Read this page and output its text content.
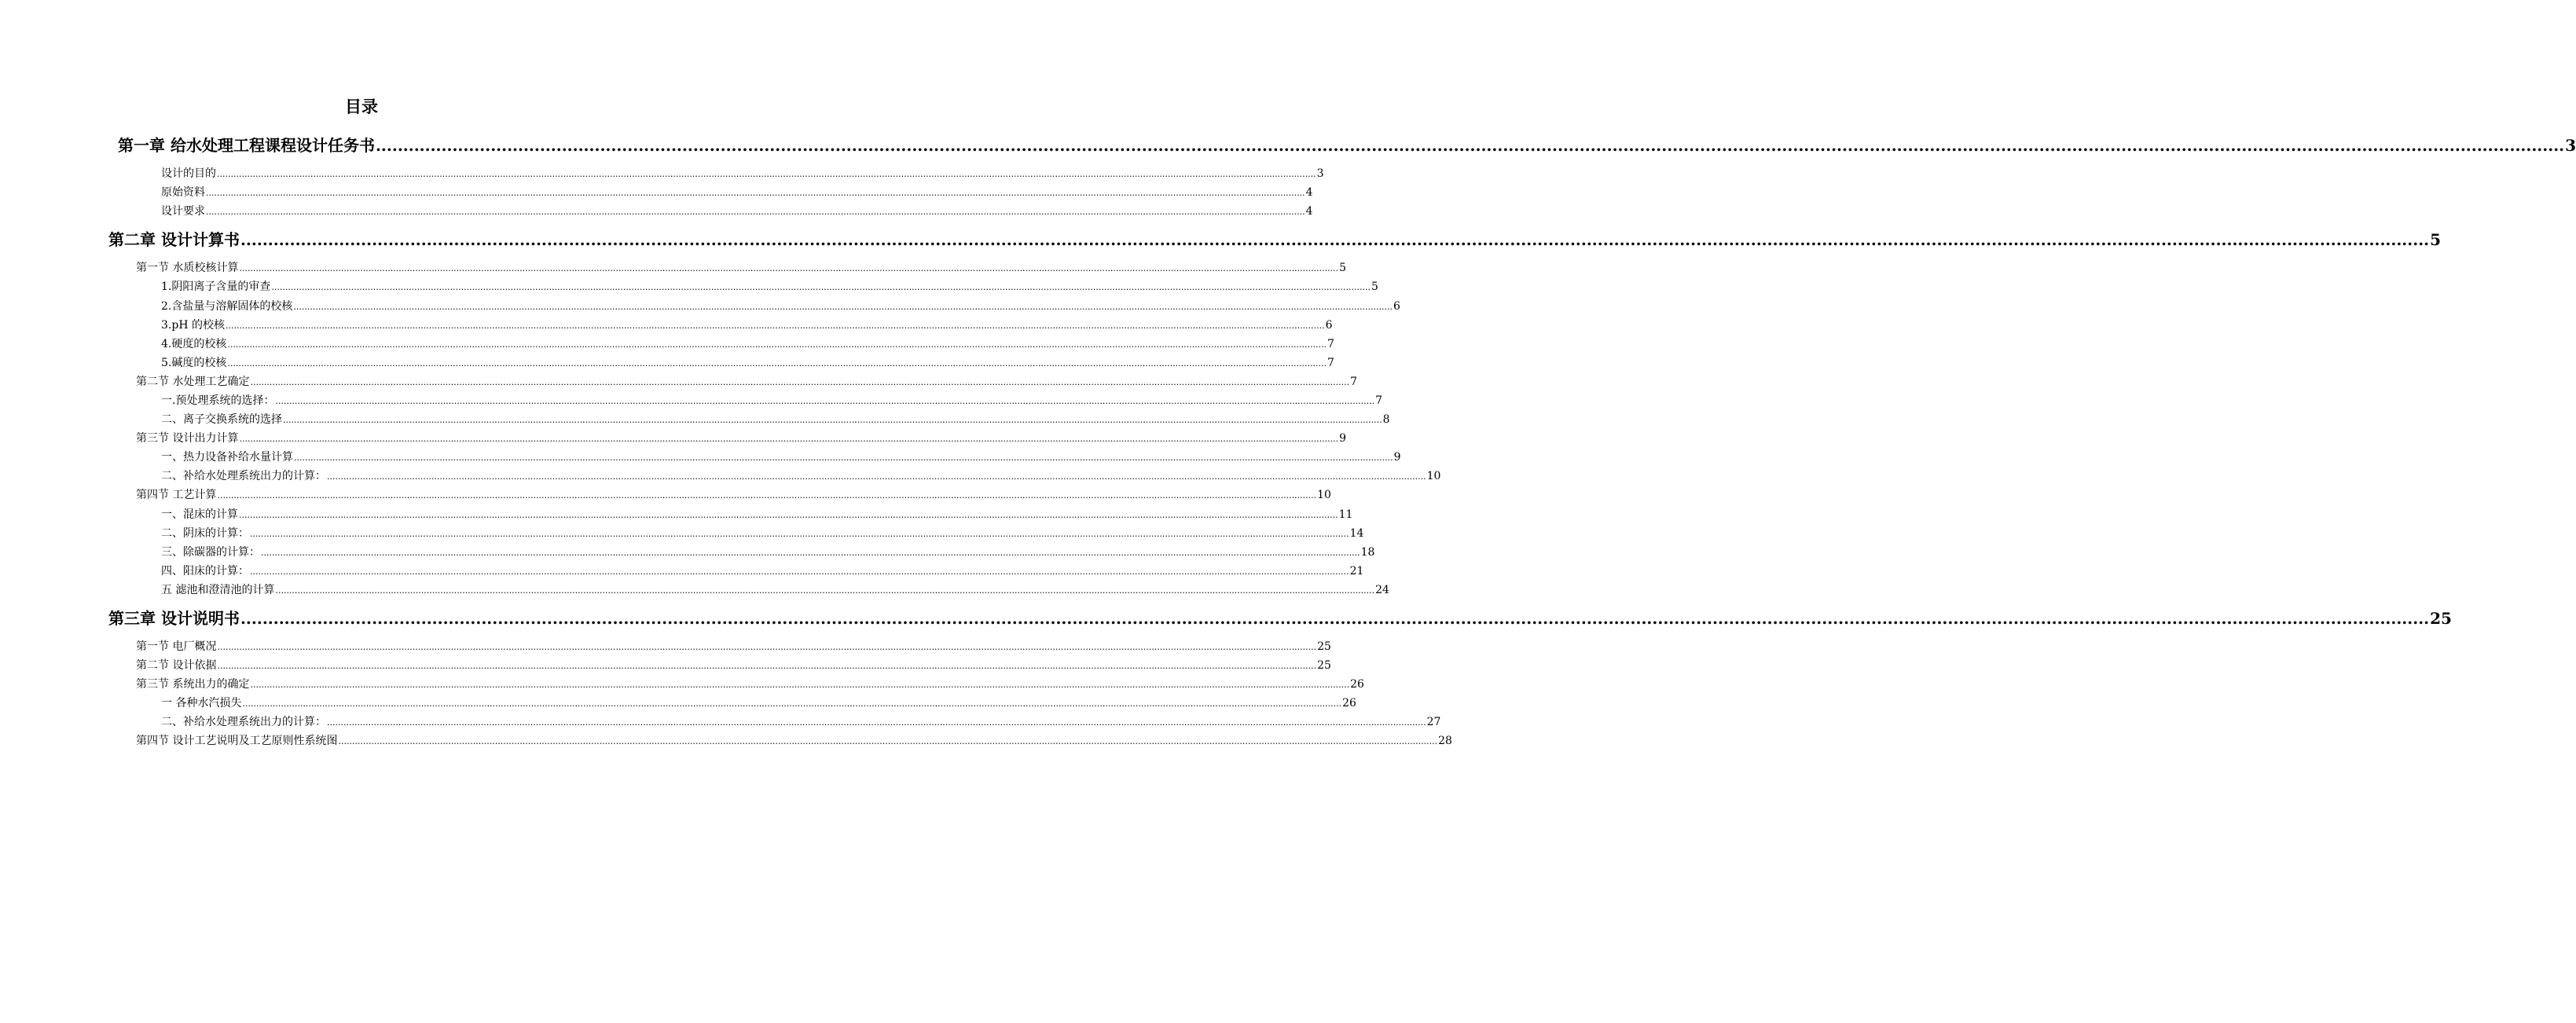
目录
第一章 给水处理工程课程设计任务书 ................................................................................................................................................................................................................................................................................................................................................................................................................ 3
设计的目的 ................................................................................................................................................................................................................................................................................................................................................................................................................ 3
原始资料 ................................................................................................................................................................................................................................................................................................................................................................................................................ 4
设计要求 ................................................................................................................................................................................................................................................................................................................................................................................................................ 4
第二章 设计计算书 ................................................................................................................................................................................................................................................................................................................................................................................................................ 5
第一节 水质校核计算 ................................................................................................................................................................................................................................................................................................................................................................................................................ 5
1.阴阳离子含量的审查 ................................................................................................................................................................................................................................................................................................................................................................................................................ 5
2.含盐量与溶解固体的校核 ................................................................................................................................................................................................................................................................................................................................................................................................................ 6
3.pH 的校核 ................................................................................................................................................................................................................................................................................................................................................................................................................ 6
4.硬度的校核 ................................................................................................................................................................................................................................................................................................................................................................................................................ 7
5.碱度的校核 ................................................................................................................................................................................................................................................................................................................................................................................................................ 7
第二节 水处理工艺确定 ................................................................................................................................................................................................................................................................................................................................................................................................................ 7
一.预处理系统的选择： ................................................................................................................................................................................................................................................................................................................................................................................................................ 7
二、离子交换系统的选择 ................................................................................................................................................................................................................................................................................................................................................................................................................ 8
第三节 设计出力计算 ................................................................................................................................................................................................................................................................................................................................................................................................................ 9
一、热力设备补给水量计算 ................................................................................................................................................................................................................................................................................................................................................................................................................ 9
二、补给水处理系统出力的计算： ................................................................................................................................................................................................................................................................................................................................................................................................................ 10
第四节 工艺计算 ................................................................................................................................................................................................................................................................................................................................................................................................................ 10
一、混床的计算 ................................................................................................................................................................................................................................................................................................................................................................................................................ 11
二、阴床的计算： ................................................................................................................................................................................................................................................................................................................................................................................................................ 14
三、除碳器的计算： ................................................................................................................................................................................................................................................................................................................................................................................................................ 18
四、阳床的计算： ................................................................................................................................................................................................................................................................................................................................................................................................................ 21
五 滤池和澄清池的计算 ................................................................................................................................................................................................................................................................................................................................................................................................................ 24
第三章 设计说明书 ................................................................................................................................................................................................................................................................................................................................................................................................................ 25
第一节 电厂概况 ................................................................................................................................................................................................................................................................................................................................................................................................................ 25
第二节 设计依据 ................................................................................................................................................................................................................................................................................................................................................................................................................ 25
第三节 系统出力的确定 ................................................................................................................................................................................................................................................................................................................................................................................................................ 26
一 各种水汽损失 ................................................................................................................................................................................................................................................................................................................................................................................................................ 26
二、补给水处理系统出力的计算： ................................................................................................................................................................................................................................................................................................................................................................................................................ 27
第四节 设计工艺说明及工艺原则性系统图 ................................................................................................................................................................................................................................................................................................................................................................................................................ 28
